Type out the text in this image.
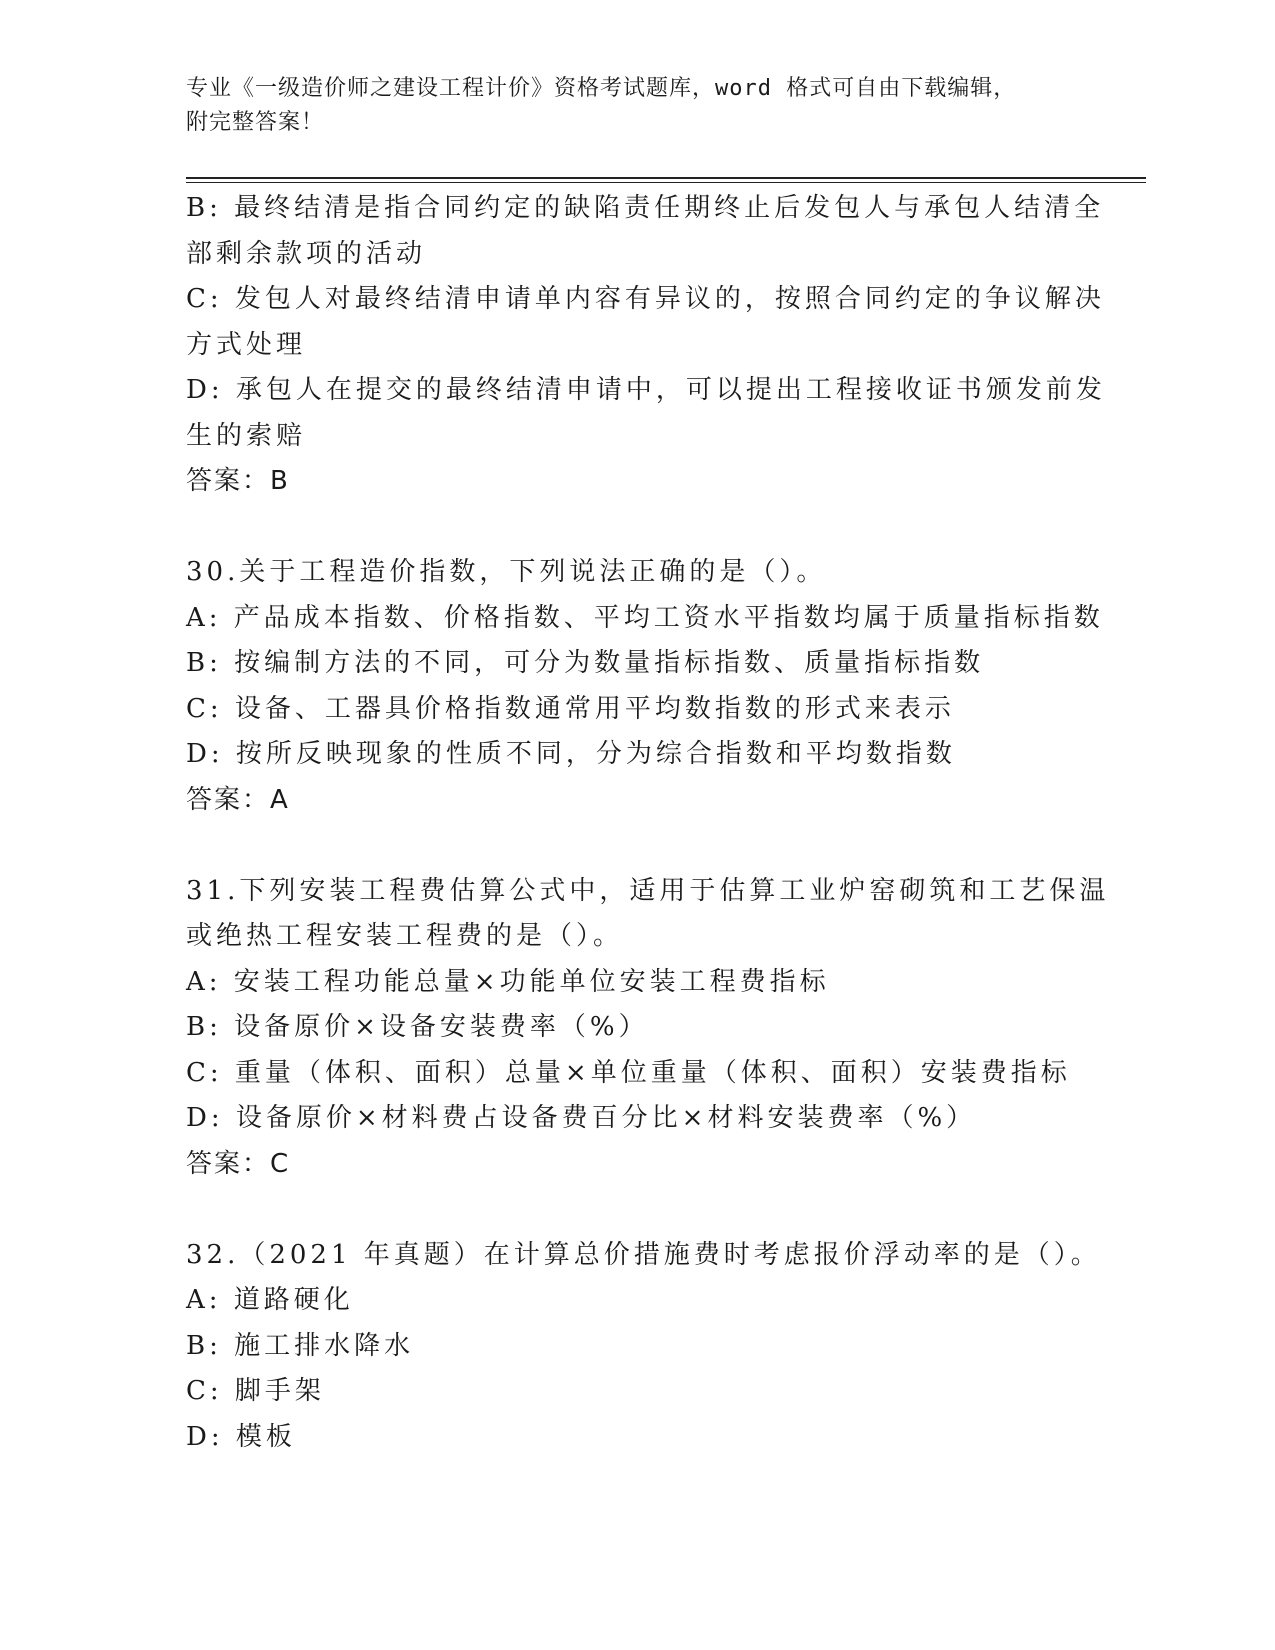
专业《一级造价师之建设工程计价》资格考试题库，word 格式可自由下载编辑，
附完整答案！
B: 最终结清是指合同约定的缺陷责任期终止后发包人与承包人结清全
部剩余款项的活动
C: 发包人对最终结清申请单内容有异议的，按照合同约定的争议解决
方式处理
D: 承包人在提交的最终结清申请中，可以提出工程接收证书颁发前发
生的索赔
答案：B
30.关于工程造价指数，下列说法正确的是（）。
A: 产品成本指数、价格指数、平均工资水平指数均属于质量指标指数
B: 按编制方法的不同，可分为数量指标指数、质量指标指数
C: 设备、工器具价格指数通常用平均数指数的形式来表示
D: 按所反映现象的性质不同，分为综合指数和平均数指数
答案：A
31.下列安装工程费估算公式中，适用于估算工业炉窑砌筑和工艺保温
或绝热工程安装工程费的是（）。
A: 安装工程功能总量×功能单位安装工程费指标
B: 设备原价×设备安装费率（%）
C: 重量（体积、面积）总量×单位重量（体积、面积）安装费指标
D: 设备原价×材料费占设备费百分比×材料安装费率（%）
答案：C
32.（2021 年真题）在计算总价措施费时考虑报价浮动率的是（）。
A: 道路硬化
B: 施工排水降水
C: 脚手架
D: 模板
